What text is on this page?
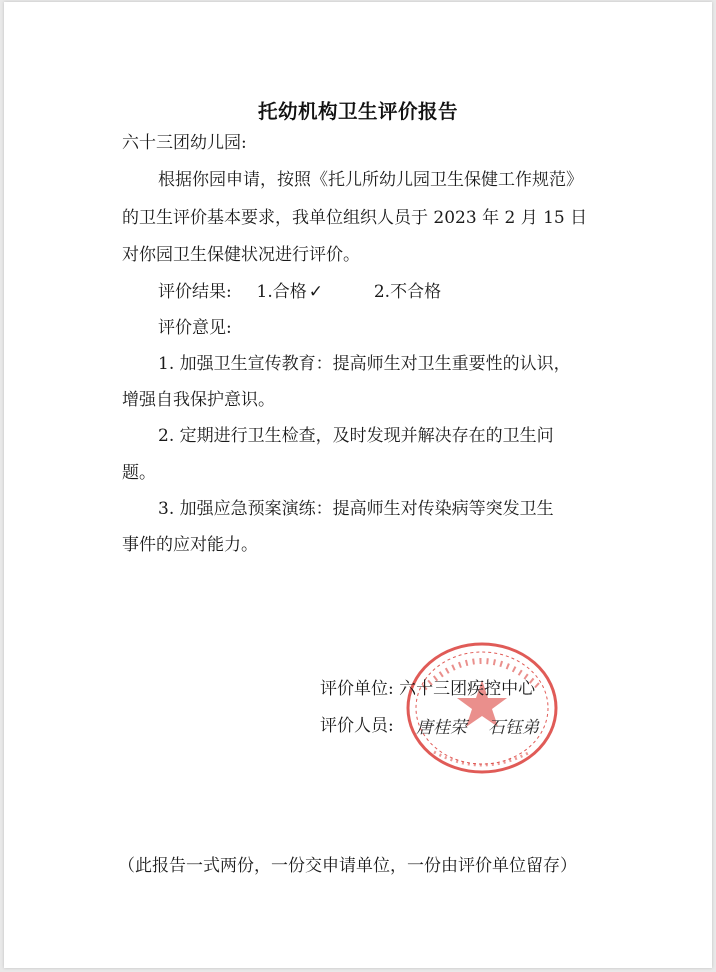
托幼机构卫生评价报告

六十三团幼儿园:

根据你园申请，按照《托儿所幼儿园卫生保健工作规范》

的卫生评价基本要求，我单位组织人员于 2023 年 2 月 15 日

对你园卫生保健状况进行评价。

评价结果: 1.合格 ✓	2.不合格

评价意见:

1. 加强卫生宣传教育：提高师生对卫生重要性的认识，

增强自我保护意识。

2. 定期进行卫生检查，及时发现并解决存在的卫生问

题。

3. 加强应急预案演练：提高师生对传染病等突发卫生

事件的应对能力。

评价单位: 六十三团疾控中心

评价人员: 唐桂荣 石钰弟

（此报告一式两份，一份交申请单位，一份由评价单位留存）
